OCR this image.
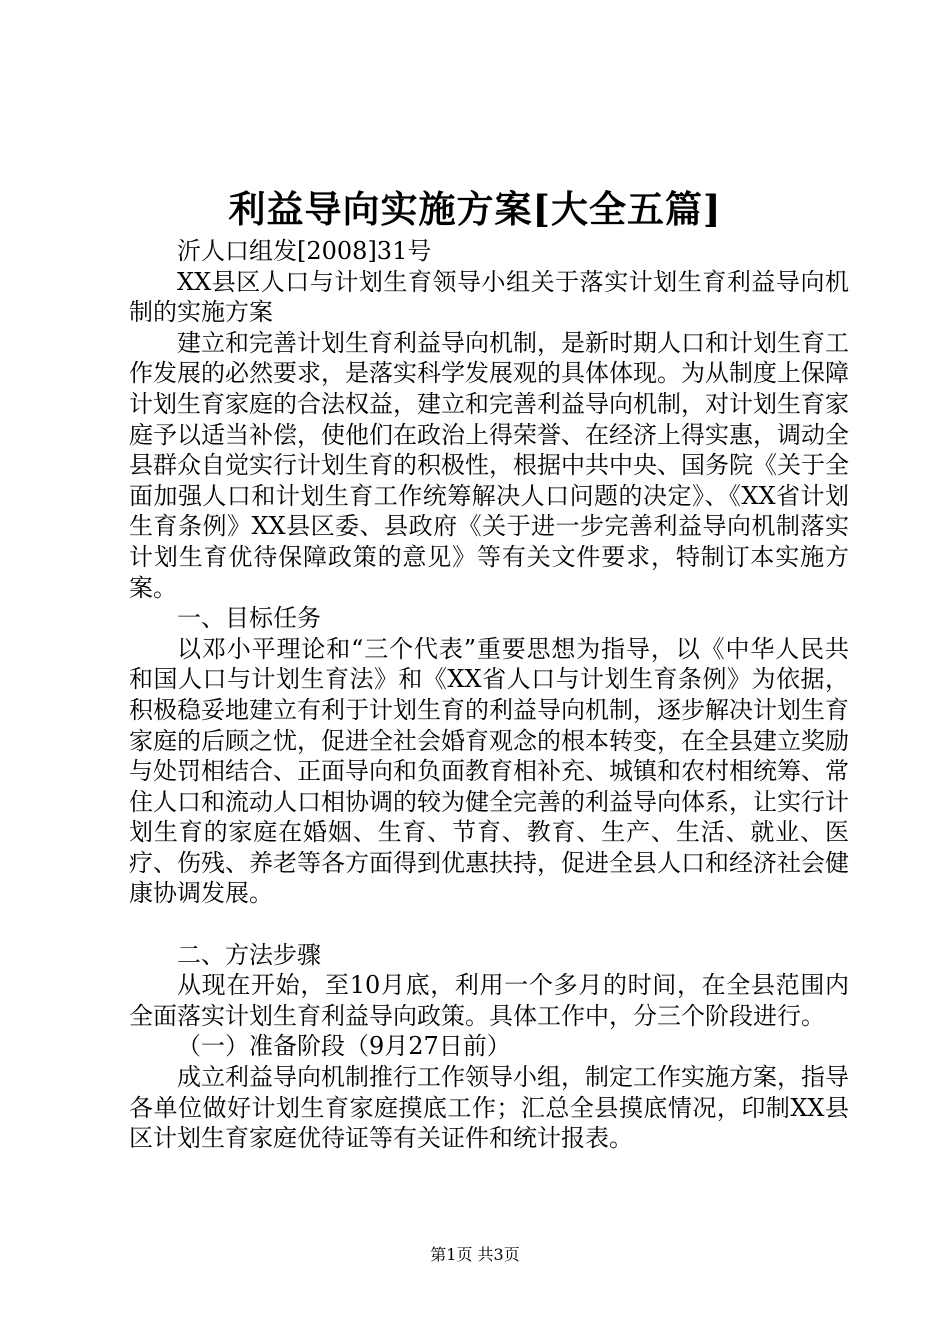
利益导向实施方案[大全五篇]

沂人口组发[2008]31号

XX县区人口与计划生育领导小组关于落实计划生育利益导向机制的实施方案

建立和完善计划生育利益导向机制，是新时期人口和计划生育工作发展的必然要求，是落实科学发展观的具体体现。为从制度上保障计划生育家庭的合法权益，建立和完善利益导向机制，对计划生育家庭予以适当补偿，使他们在政治上得荣誉、在经济上得实惠，调动全县群众自觉实行计划生育的积极性，根据中共中央、国务院《关于全面加强人口和计划生育工作统筹解决人口问题的决定》、《XX省计划生育条例》XX县区委、县政府《关于进一步完善利益导向机制落实计划生育优待保障政策的意见》等有关文件要求，特制订本实施方案。

一、目标任务

以邓小平理论和“三个代表”重要思想为指导，以《中华人民共和国人口与计划生育法》和《XX省人口与计划生育条例》为依据，积极稳妥地建立有利于计划生育的利益导向机制，逐步解决计划生育家庭的后顾之忧，促进全社会婚育观念的根本转变，在全县建立奖励与处罚相结合、正面导向和负面教育相补充、城镇和农村相统筹、常住人口和流动人口相协调的较为健全完善的利益导向体系，让实行计划生育的家庭在婚姻、生育、节育、教育、生产、生活、就业、医疗、伤残、养老等各方面得到优惠扶持，促进全县人口和经济社会健康协调发展。

二、方法步骤

从现在开始，至10月底，利用一个多月的时间，在全县范围内全面落实计划生育利益导向政策。具体工作中，分三个阶段进行。

（一）准备阶段（9月27日前）

成立利益导向机制推行工作领导小组，制定工作实施方案，指导各单位做好计划生育家庭摸底工作；汇总全县摸底情况，印制XX县区计划生育家庭优待证等有关证件和统计报表。

第1页 共3页
